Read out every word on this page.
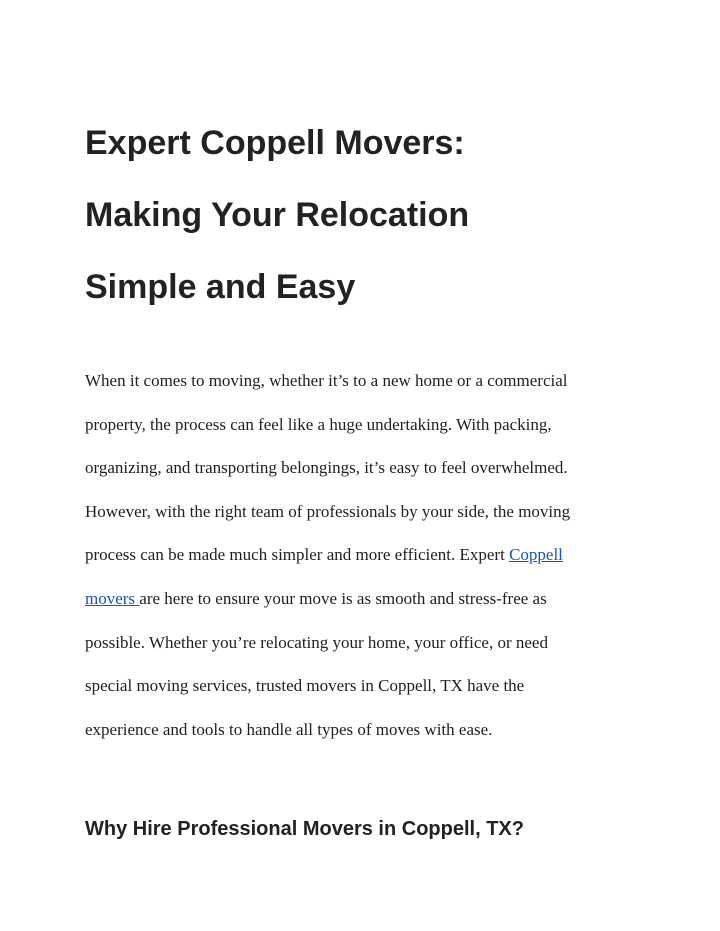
Expert Coppell Movers:
Making Your Relocation
Simple and Easy

When it comes to moving, whether it’s to a new home or a commercial
property, the process can feel like a huge undertaking. With packing,
organizing, and transporting belongings, it’s easy to feel overwhelmed.
However, with the right team of professionals by your side, the moving
process can be made much simpler and more efficient. Expert Coppell
movers are here to ensure your move is as smooth and stress-free as
possible. Whether you’re relocating your home, your office, or need
special moving services, trusted movers in Coppell, TX have the
experience and tools to handle all types of moves with ease.

Why Hire Professional Movers in Coppell, TX?
